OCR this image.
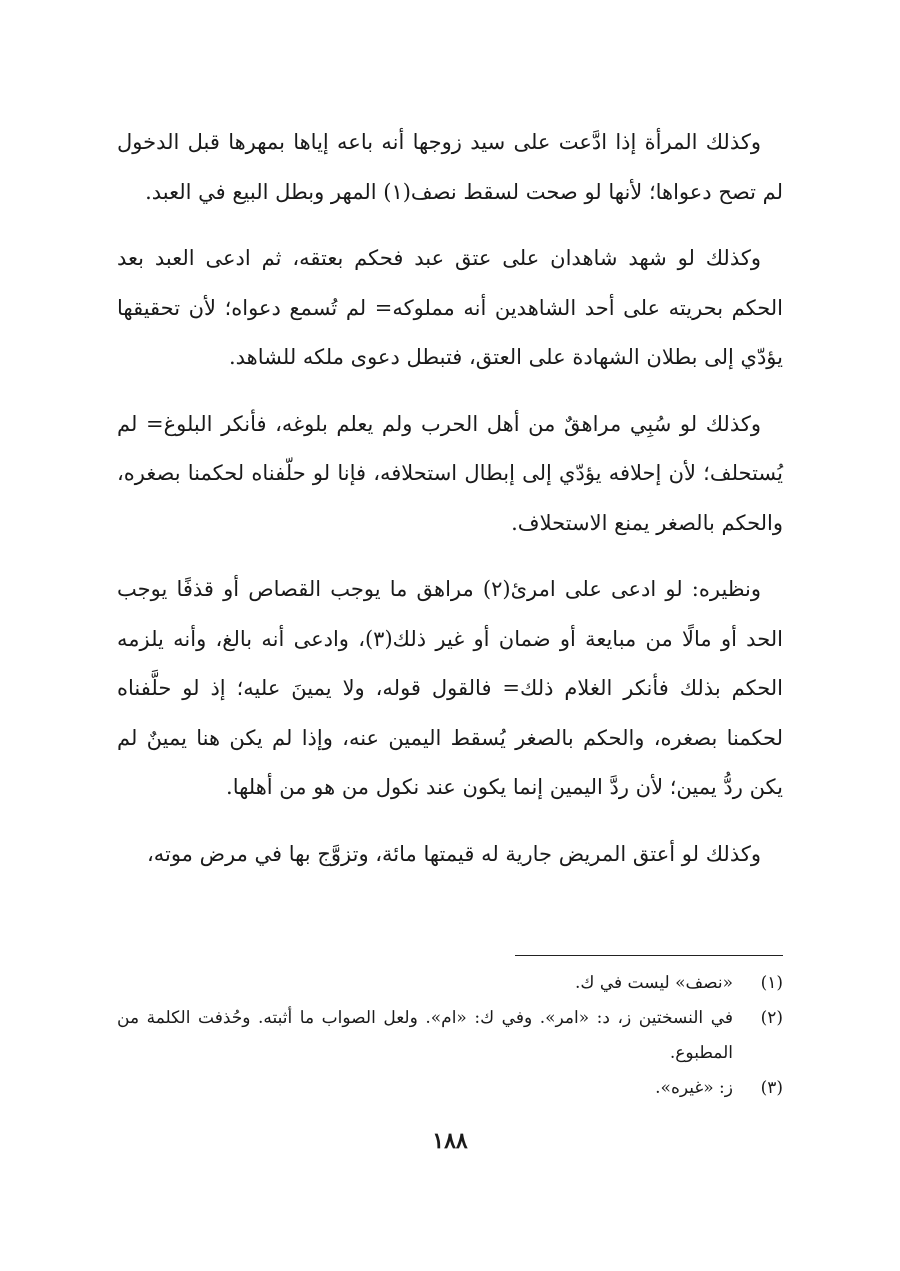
وكذلك المرأة إذا ادَّعت على سيد زوجها أنه باعه إياها بمهرها قبل الدخول لم تصح دعواها؛ لأنها لو صحت لسقط نصف(١) المهر وبطل البيع في العبد.

وكذلك لو شهد شاهدان على عتق عبد فحكم بعتقه، ثم ادعى العبد بعد الحكم بحريته على أحد الشاهدين أنه مملوكه= لم تُسمع دعواه؛ لأن تحقيقها يؤدّي إلى بطلان الشهادة على العتق، فتبطل دعوى ملكه للشاهد.

وكذلك لو سُبِي مراهقٌ من أهل الحرب ولم يعلم بلوغه، فأنكر البلوغ= لم يُستحلف؛ لأن إحلافه يؤدّي إلى إبطال استحلافه، فإنا لو حلّفناه لحكمنا بصغره، والحكم بالصغر يمنع الاستحلاف.

ونظيره: لو ادعى على امرئ(٢) مراهق ما يوجب القصاص أو قذفًا يوجب الحد أو مالًا من مبايعة أو ضمان أو غير ذلك(٣)، وادعى أنه بالغ، وأنه يلزمه الحكم بذلك فأنكر الغلام ذلك= فالقول قوله، ولا يمينَ عليه؛ إذ لو حلَّفناه لحكمنا بصغره، والحكم بالصغر يُسقط اليمين عنه، وإذا لم يكن هنا يمينٌ لم يكن ردُّ يمين؛ لأن ردَّ اليمين إنما يكون عند نكول من هو من أهلها.

وكذلك لو أعتق المريض جارية له قيمتها مائة، وتزوَّج بها في مرض موته،

(١)
«نصف» ليست في ك.
(٢)
في النسختين ز، د: «امر». وفي ك: «ام». ولعل الصواب ما أثبته. وحُذفت الكلمة من المطبوع.
(٣)
ز: «غيره».
١٨٨
